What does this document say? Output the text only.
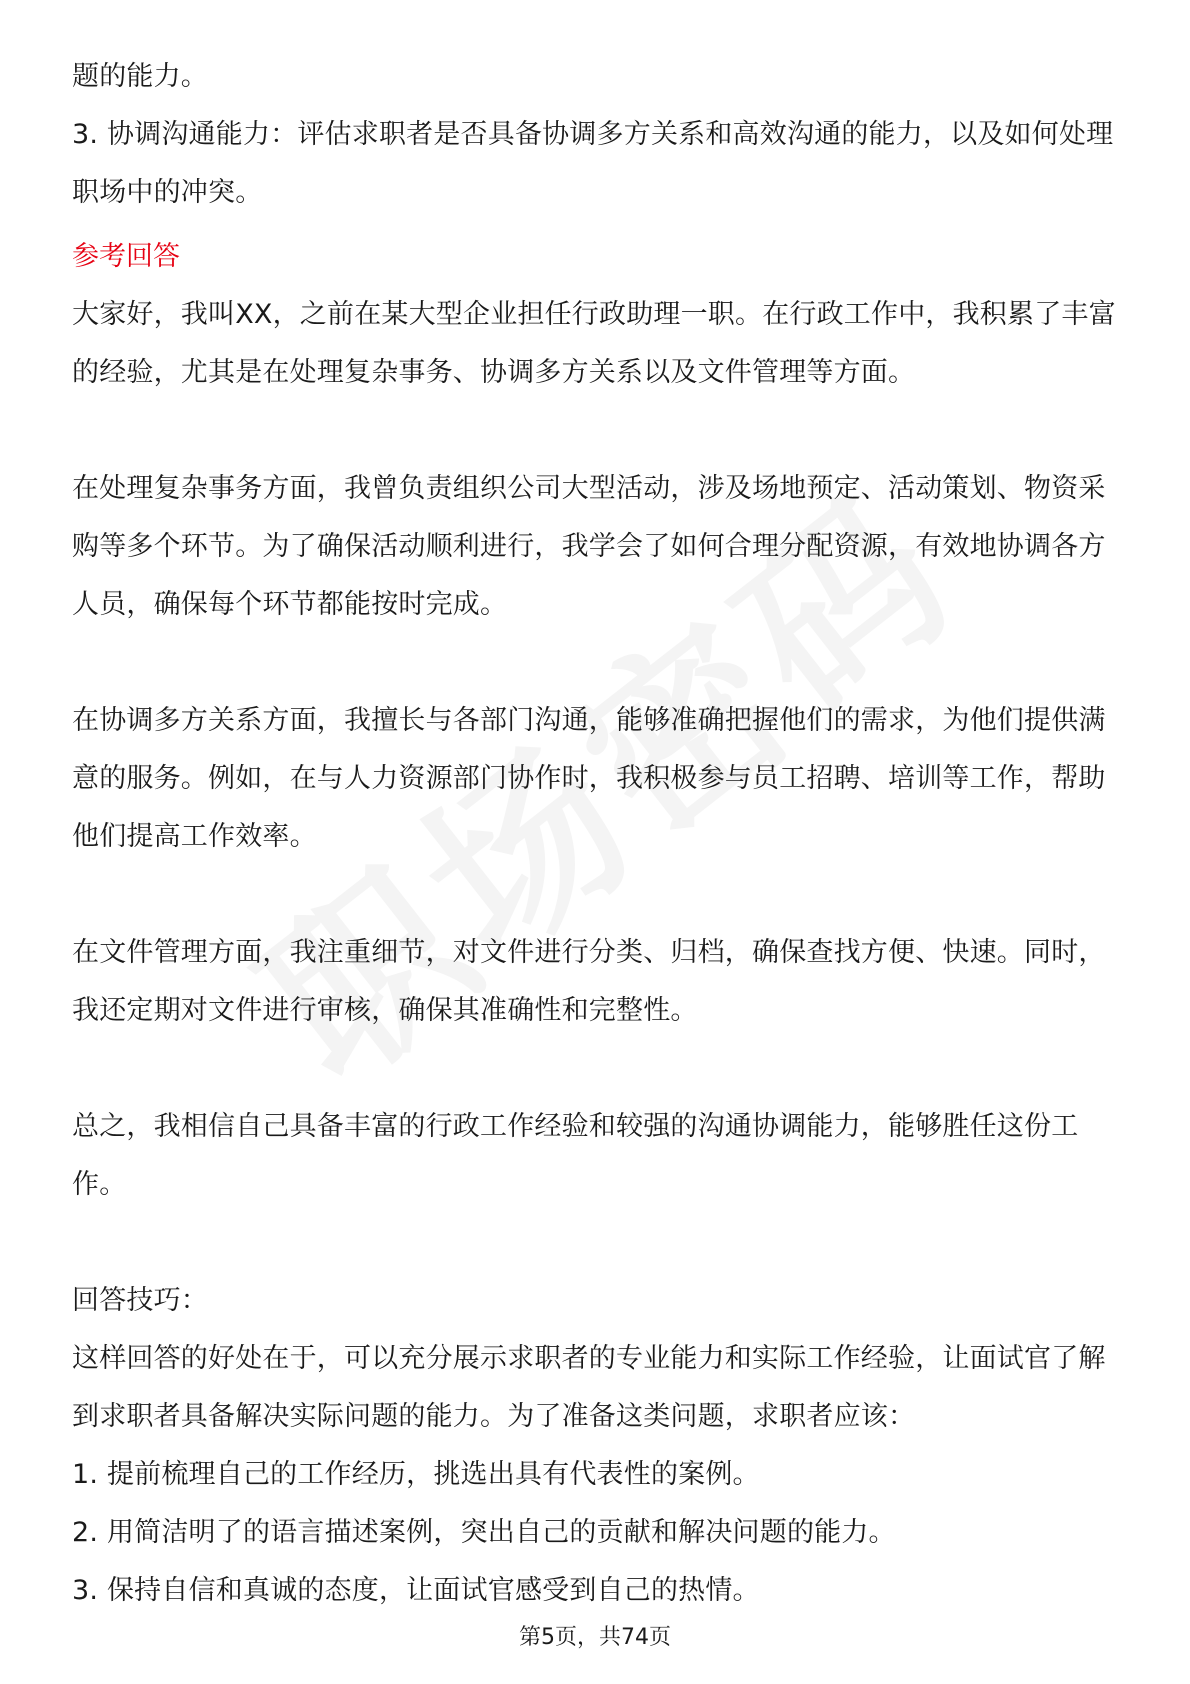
题的能力。

3. 协调沟通能力：评估求职者是否具备协调多方关系和高效沟通的能力，以及如何处理职场中的冲突。

参考回答

大家好，我叫XX，之前在某大型企业担任行政助理一职。在行政工作中，我积累了丰富的经验，尤其是在处理复杂事务、协调多方关系以及文件管理等方面。

在处理复杂事务方面，我曾负责组织公司大型活动，涉及场地预定、活动策划、物资采购等多个环节。为了确保活动顺利进行，我学会了如何合理分配资源，有效地协调各方人员，确保每个环节都能按时完成。

在协调多方关系方面，我擅长与各部门沟通，能够准确把握他们的需求，为他们提供满意的服务。例如，在与人力资源部门协作时，我积极参与员工招聘、培训等工作，帮助他们提高工作效率。

在文件管理方面，我注重细节，对文件进行分类、归档，确保查找方便、快速。同时，我还定期对文件进行审核，确保其准确性和完整性。

总之，我相信自己具备丰富的行政工作经验和较强的沟通协调能力，能够胜任这份工作。

回答技巧：

这样回答的好处在于，可以充分展示求职者的专业能力和实际工作经验，让面试官了解到求职者具备解决实际问题的能力。为了准备这类问题，求职者应该：

1. 提前梳理自己的工作经历，挑选出具有代表性的案例。

2. 用简洁明了的语言描述案例，突出自己的贡献和解决问题的能力。

3. 保持自信和真诚的态度，让面试官感受到自己的热情。

第5页，共74页
